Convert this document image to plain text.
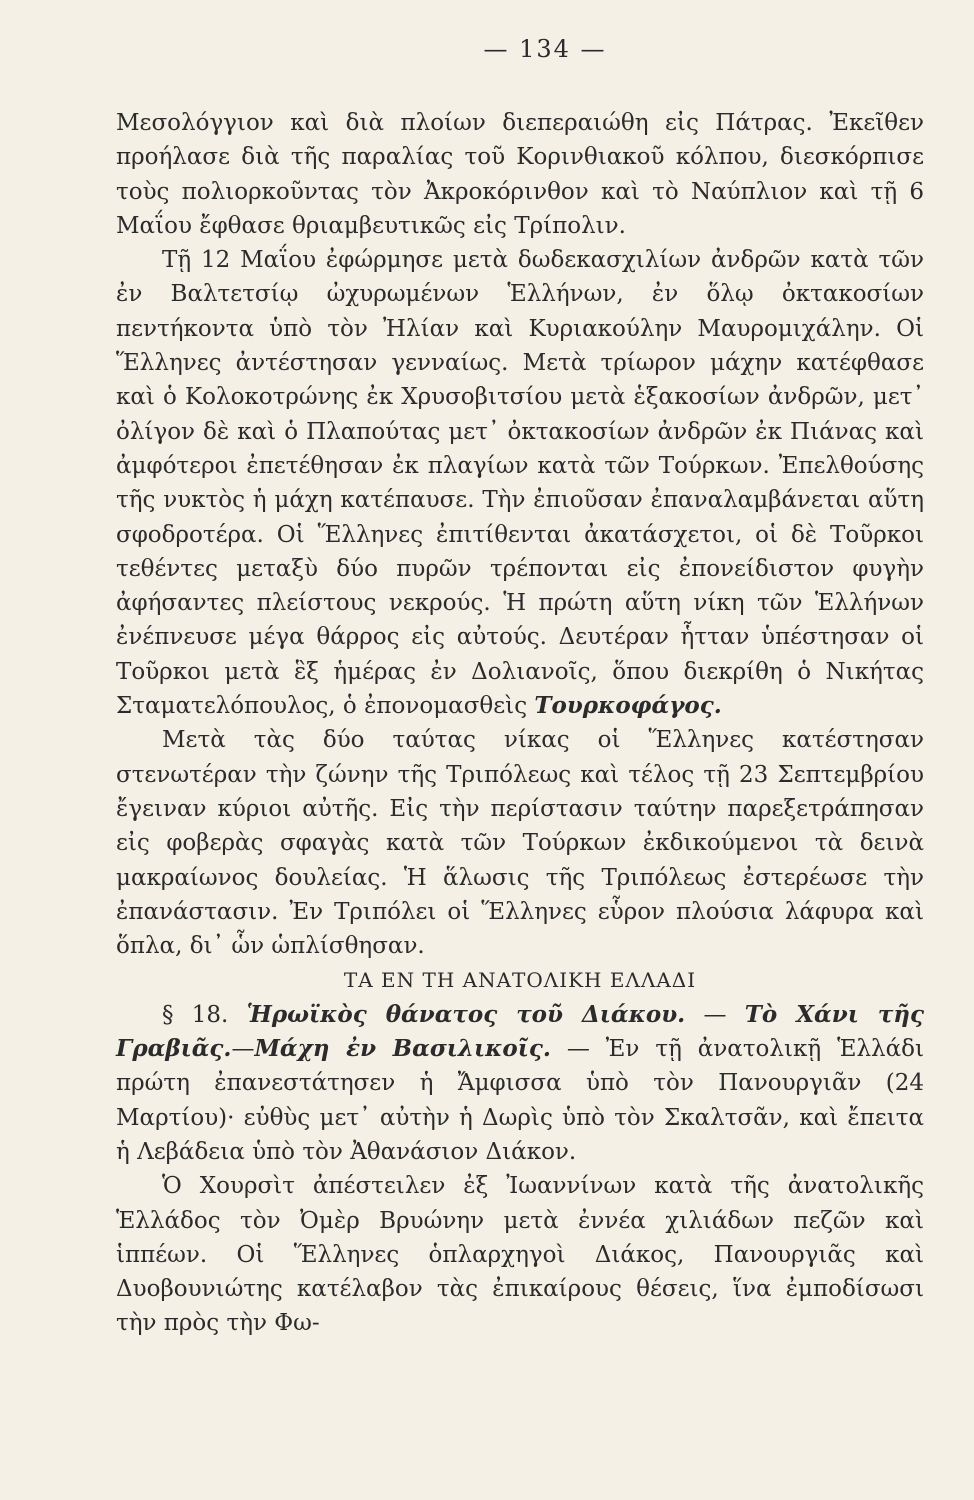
— 134 —

Μεσολόγγιον καὶ διὰ πλοίων διεπεραιώθη εἰς Πάτρας. Ἐκεῖθεν προήλασε διὰ τῆς παραλίας τοῦ Κορινθιακοῦ κόλπου, διεσκόρπισε τοὺς πολιορκοῦντας τὸν Ἀκροκόρινθον καὶ τὸ Ναύπλιον καὶ τῇ 6 Μαΐου ἔφθασε θριαμβευτικῶς εἰς Τρίπολιν.

Τῇ 12 Μαΐου ἐφώρμησε μετὰ δωδεκασχιλίων ἀνδρῶν κατὰ τῶν ἐν Βαλτετσίῳ ὠχυρωμένων Ἑλλήνων, ἐν ὅλῳ ὀκτακοσίων πεντήκοντα ὑπὸ τὸν Ἠλίαν καὶ Κυριακούλην Μαυρομιχάλην. Οἱ Ἕλληνες ἀντέστησαν γενναίως. Μετὰ τρίωρον μάχην κατέφθασε καὶ ὁ Κολοκοτρώνης ἐκ Χρυσοβιτσίου μετὰ ἑξακοσίων ἀνδρῶν, μετ᾽ ὀλίγον δὲ καὶ ὁ Πλαπούτας μετ᾽ ὀκτακοσίων ἀνδρῶν ἐκ Πιάνας καὶ ἀμφότεροι ἐπετέθησαν ἐκ πλαγίων κατὰ τῶν Τούρκων. Ἐπελθούσης τῆς νυκτὸς ἡ μάχη κατέπαυσε. Τὴν ἐπιοῦσαν ἐπαναλαμβάνεται αὕτη σφοδροτέρα. Οἱ Ἕλληνες ἐπιτίθενται ἀκατάσχετοι, οἱ δὲ Τοῦρκοι τεθέντες μεταξὺ δύο πυρῶν τρέπονται εἰς ἐπονείδιστον φυγὴν ἀφήσαντες πλείστους νεκρούς. Ἡ πρώτη αὕτη νίκη τῶν Ἑλλήνων ἐνέπνευσε μέγα θάρρος εἰς αὐτούς. Δευτέραν ἧτταν ὑπέστησαν οἱ Τοῦρκοι μετὰ ἓξ ἡμέρας ἐν Δολιανοῖς, ὅπου διεκρίθη ὁ Νικήτας Σταματελόπουλος, ὁ ἐπονομασθεὶς Τουρκοφάγος.

Μετὰ τὰς δύο ταύτας νίκας οἱ Ἕλληνες κατέστησαν στενωτέραν τὴν ζώνην τῆς Τριπόλεως καὶ τέλος τῇ 23 Σεπτεμβρίου ἔγειναν κύριοι αὐτῆς. Εἰς τὴν περίστασιν ταύτην παρεξετράπησαν εἰς φοβερὰς σφαγὰς κατὰ τῶν Τούρκων ἐκδικούμενοι τὰ δεινὰ μακραίωνος δουλείας. Ἡ ἅλωσις τῆς Τριπόλεως ἐστερέωσε τὴν ἐπανάστασιν. Ἐν Τριπόλει οἱ Ἕλληνες εὗρον πλούσια λάφυρα καὶ ὅπλα, δι᾽ ὧν ὡπλίσθησαν.

ΤΑ ΕΝ ΤΗ ΑΝΑΤΟΛΙΚΗ ΕΛΛΑΔΙ

§ 18. Ἡρωϊκὸς θάνατος τοῦ Διάκου. — Τὸ Χάνι τῆς Γραβιᾶς.—Μάχη ἐν Βασιλικοῖς. — Ἐν τῇ ἀνατολικῇ Ἑλλάδι πρώτη ἐπανεστάτησεν ἡ Ἄμφισσα ὑπὸ τὸν Πανουργιᾶν (24 Μαρτίου)· εὐθὺς μετ᾽ αὐτὴν ἡ Δωρὶς ὑπὸ τὸν Σκαλτσᾶν, καὶ ἔπειτα ἡ Λεβάδεια ὑπὸ τὸν Ἀθανάσιον Διάκον.

Ὁ Χουρσὶτ ἀπέστειλεν ἐξ Ἰωαννίνων κατὰ τῆς ἀνατολικῆς Ἑλλάδος τὸν Ὀμὲρ Βρυώνην μετὰ ἐννέα χιλιάδων πεζῶν καὶ ἱππέων. Οἱ Ἕλληνες ὁπλαρχηγοὶ Διάκος, Πανουργιᾶς καὶ Δυοβουνιώτης κατέλαβον τὰς ἐπικαίρους θέσεις, ἵνα ἐμποδίσωσι τὴν πρὸς τὴν Φω-
